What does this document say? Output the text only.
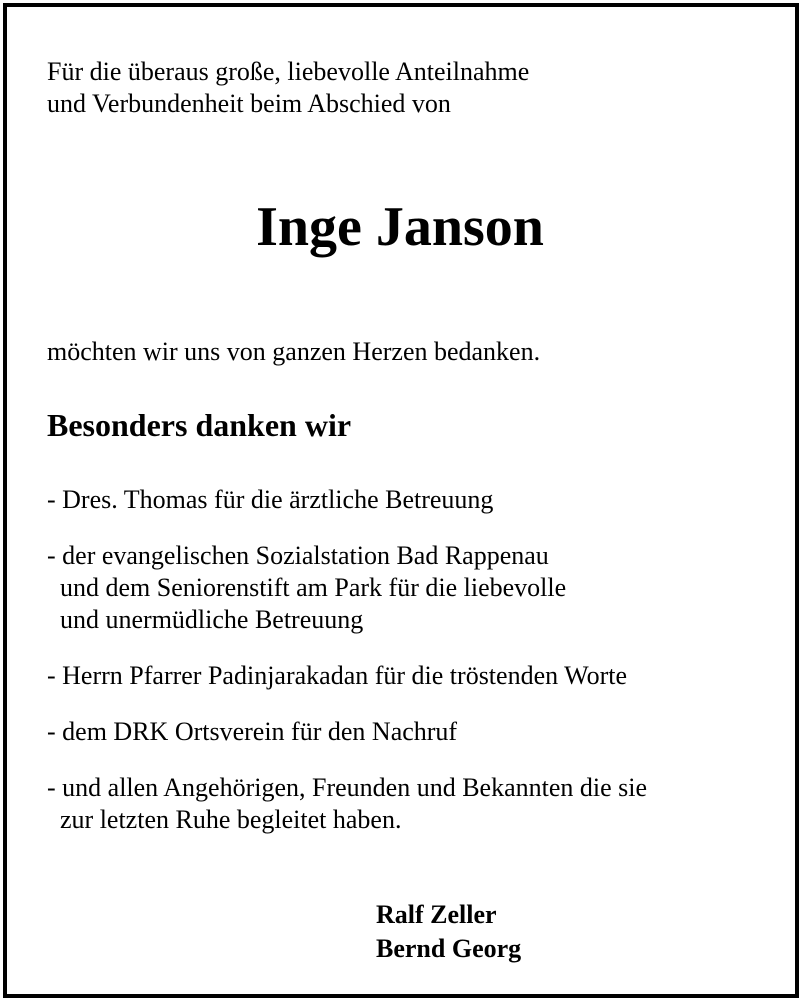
Für die überaus große, liebevolle Anteilnahme
und Verbundenheit beim Abschied von

Inge Janson

möchten wir uns von ganzen Herzen bedanken.

Besonders danken wir
- Dres. Thomas für die ärztliche Betreuung
- der evangelischen Sozialstation Bad Rappenau
und dem Seniorenstift am Park für die liebevolle
und unermüdliche Betreuung
- Herrn Pfarrer Padinjarakadan für die tröstenden Worte
- dem DRK Ortsverein für den Nachruf
- und allen Angehörigen, Freunden und Bekannten die sie
zur letzten Ruhe begleitet haben.

Ralf Zeller
Bernd Georg
